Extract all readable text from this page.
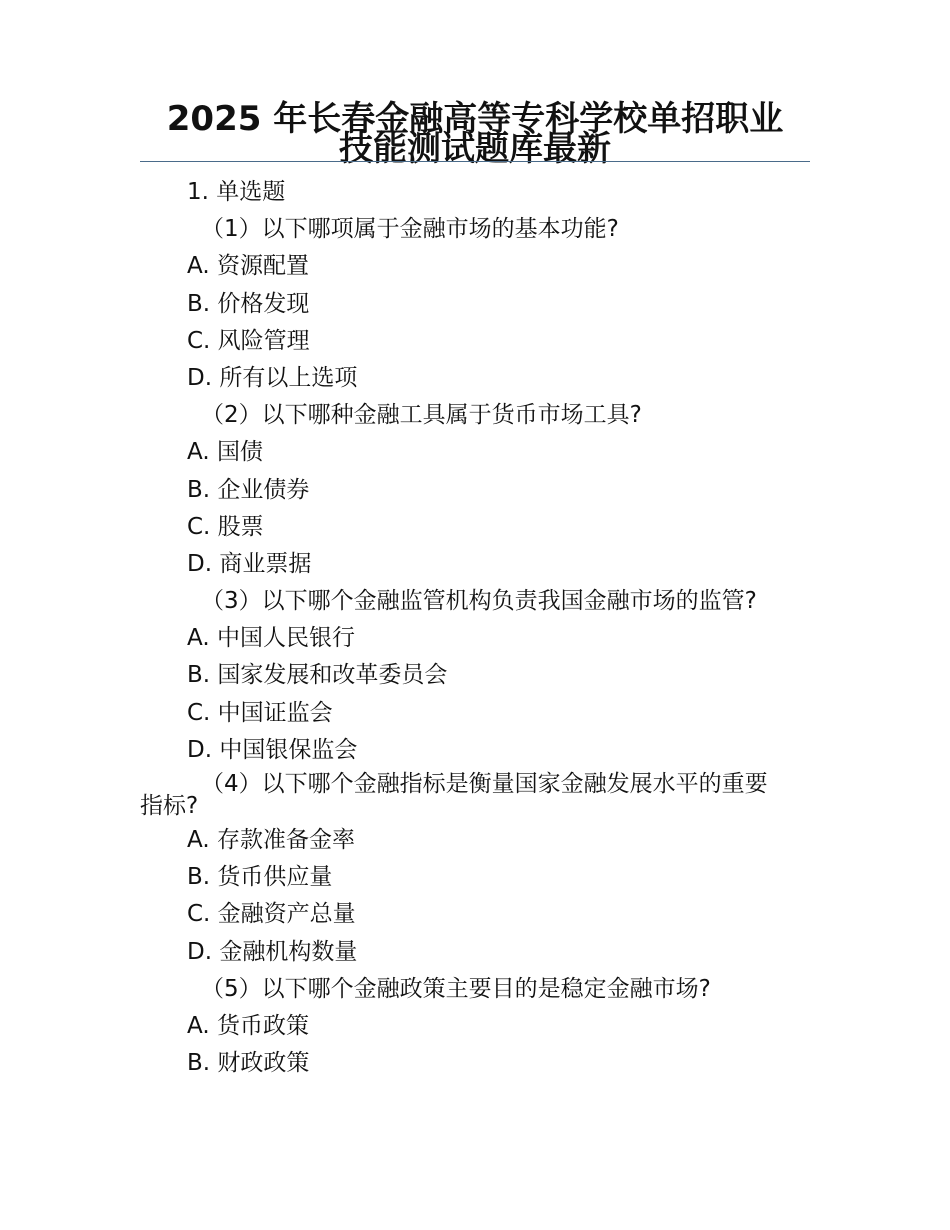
2025 年长春金融高等专科学校单招职业
技能测试题库最新
1. 单选题
（1）以下哪项属于金融市场的基本功能?
A. 资源配置
B. 价格发现
C. 风险管理
D. 所有以上选项
（2）以下哪种金融工具属于货币市场工具?
A. 国债
B. 企业债券
C. 股票
D. 商业票据
（3）以下哪个金融监管机构负责我国金融市场的监管?
A. 中国人民银行
B. 国家发展和改革委员会
C. 中国证监会
D. 中国银保监会
（4）以下哪个金融指标是衡量国家金融发展水平的重要
指标?
A. 存款准备金率
B. 货币供应量
C. 金融资产总量
D. 金融机构数量
（5）以下哪个金融政策主要目的是稳定金融市场?
A. 货币政策
B. 财政政策
